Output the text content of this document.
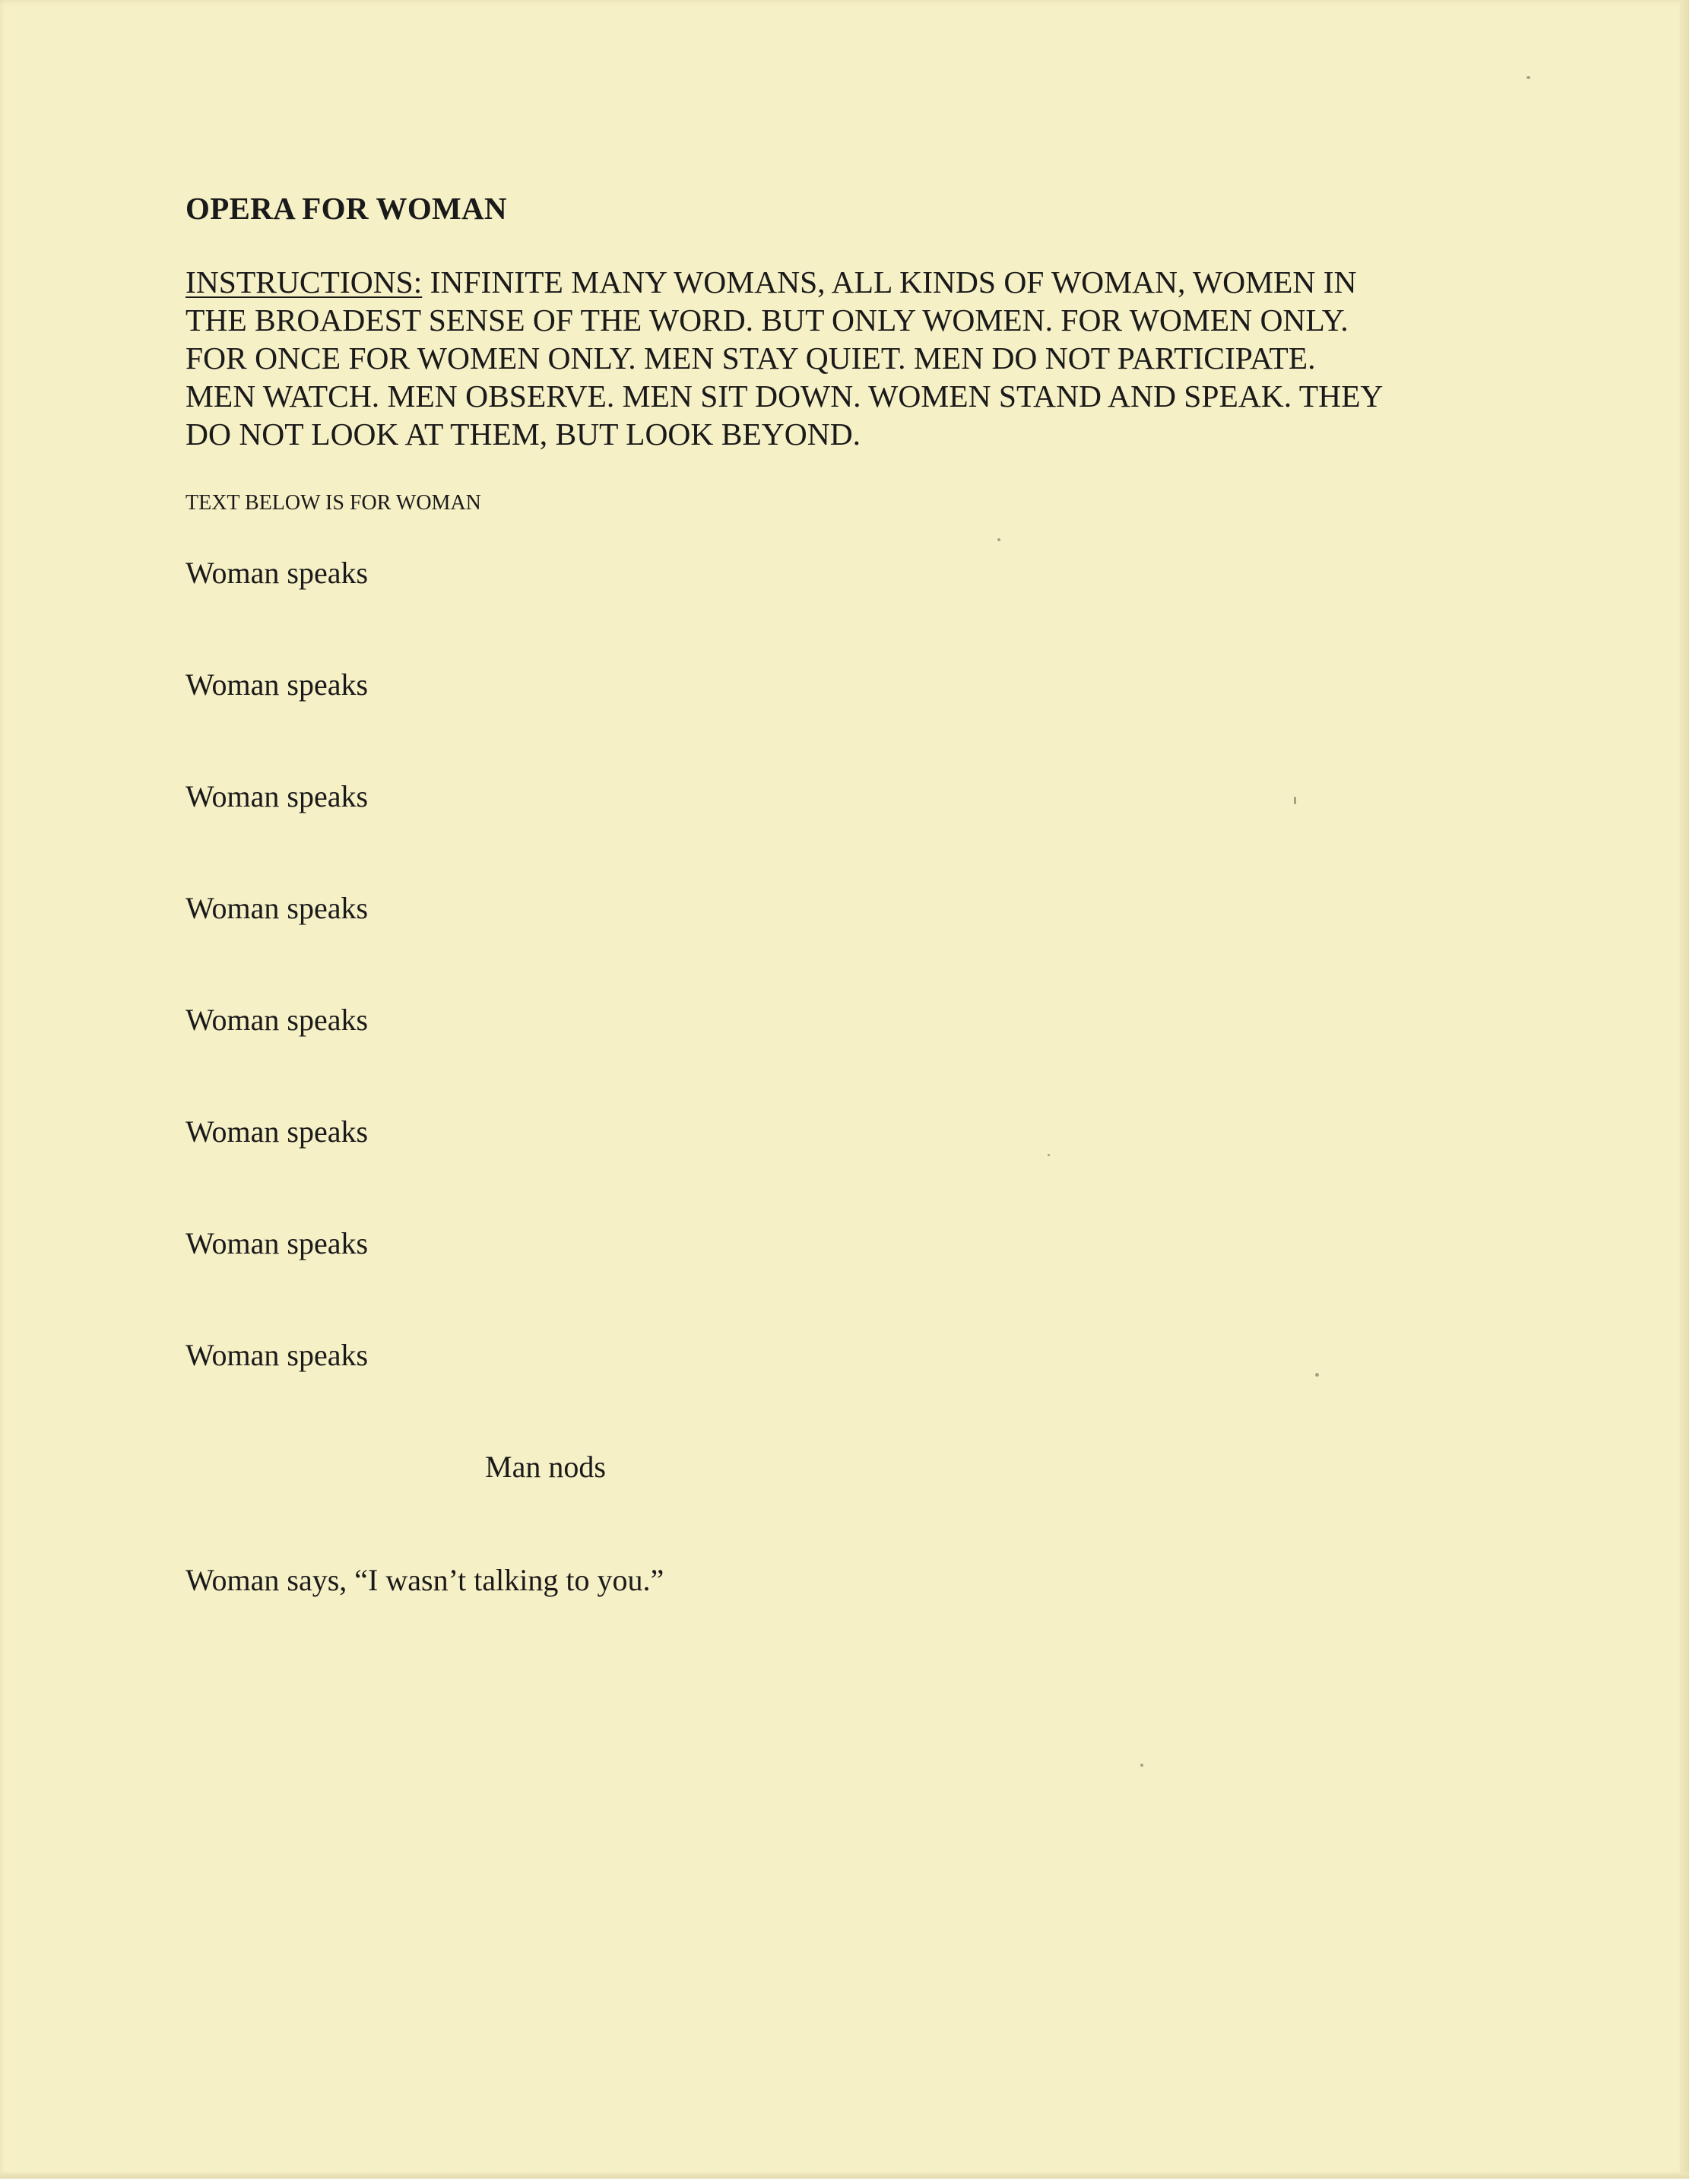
OPERA FOR WOMAN

INSTRUCTIONS: INFINITE MANY WOMANS, ALL KINDS OF WOMAN, WOMEN IN
THE BROADEST SENSE OF THE WORD. BUT ONLY WOMEN. FOR WOMEN ONLY.
FOR ONCE FOR WOMEN ONLY. MEN STAY QUIET. MEN DO NOT PARTICIPATE.
MEN WATCH. MEN OBSERVE. MEN SIT DOWN. WOMEN STAND AND SPEAK. THEY
DO NOT LOOK AT THEM, BUT LOOK BEYOND.

TEXT BELOW IS FOR WOMAN

Woman speaks

Woman speaks

Woman speaks

Woman speaks

Woman speaks

Woman speaks

Woman speaks

Woman speaks

Man nods

Woman says, “I wasn’t talking to you.”
